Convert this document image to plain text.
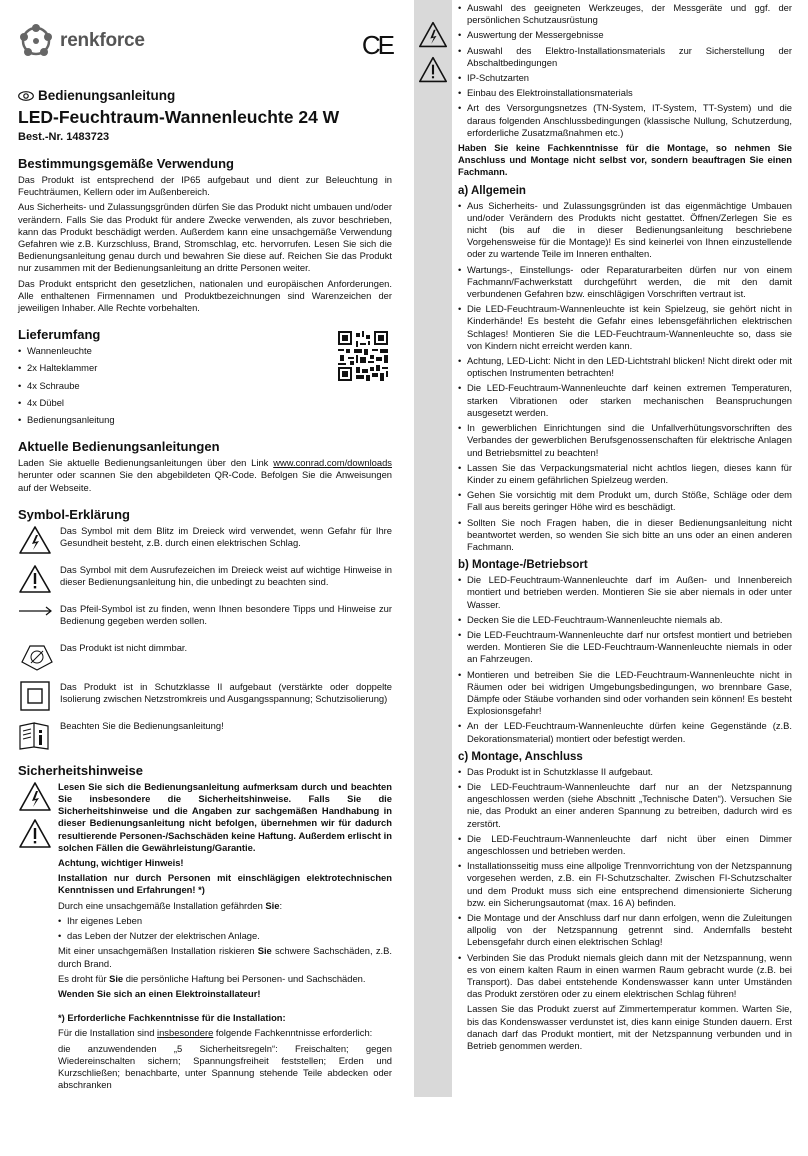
renkforce	CE
Bedienungsanleitung
LED-Feuchtraum-Wannenleuchte 24 W
Best.-Nr. 1483723
Bestimmungsgemäße Verwendung

Das Produkt ist entsprechend der IP65 aufgebaut und dient zur Beleuchtung in Feuchträumen, Kellern oder im Außenbereich.

Aus Sicherheits- und Zulassungsgründen dürfen Sie das Produkt nicht umbauen und/oder verändern. Falls Sie das Produkt für andere Zwecke verwenden, als zuvor beschrieben, kann das Produkt beschädigt werden. Außerdem kann eine unsachgemäße Verwendung Gefahren wie z.B. Kurzschluss, Brand, Stromschlag, etc. hervorrufen. Lesen Sie sich die Bedienungsanleitung genau durch und bewahren Sie diese auf. Reichen Sie das Produkt nur zusammen mit der Bedienungsanleitung an dritte Personen weiter.

Das Produkt entspricht den gesetzlichen, nationalen und europäischen Anforderungen. Alle enthaltenen Firmennamen und Produktbezeichnungen sind Warenzeichen der jeweiligen Inhaber. Alle Rechte vorbehalten.

Lieferumfang
• Wannenleuchte
• 2x Halteklammer
• 4x Schraube
• 4x Dübel
• Bedienungsanleitung
Aktuelle Bedienungsanleitungen

Laden Sie aktuelle Bedienungsanleitungen über den Link www.conrad.com/downloads herunter oder scannen Sie den abgebildeten QR-Code. Befolgen Sie die Anweisungen auf der Webseite.

Symbol-Erklärung

Das Symbol mit dem Blitz im Dreieck wird verwendet, wenn Gefahr für Ihre Gesundheit besteht, z.B. durch einen elektrischen Schlag.

Das Symbol mit dem Ausrufezeichen im Dreieck weist auf wichtige Hinweise in dieser Bedienungsanleitung hin, die unbedingt zu beachten sind.

Das Pfeil-Symbol ist zu finden, wenn Ihnen besondere Tipps und Hinweise zur Bedienung gegeben werden sollen.

Das Produkt ist nicht dimmbar.

Das Produkt ist in Schutzklasse II aufgebaut (verstärkte oder doppelte Isolierung zwischen Netzstromkreis und Ausgangsspannung; Schutzisolierung)

Beachten Sie die Bedienungsanleitung!

Sicherheitshinweise

Lesen Sie sich die Bedienungsanleitung aufmerksam durch und beachten Sie insbesondere die Sicherheitshinweise. Falls Sie die Sicherheitshinweise und die Angaben zur sachgemäßen Handhabung in dieser Bedienungsanleitung nicht befolgen, übernehmen wir für dadurch resultierende Personen-/Sachschäden keine Haftung. Außerdem erlischt in solchen Fällen die Gewährleistung/Garantie.

Achtung, wichtiger Hinweis!

Installation nur durch Personen mit einschlägigen elektrotechnischen Kenntnissen und Erfahrungen! *)

Durch eine unsachgemäße Installation gefährden Sie:

• Ihr eigenes Leben
• das Leben der Nutzer der elektrischen Anlage.

Mit einer unsachgemäßen Installation riskieren Sie schwere Sachschäden, z.B. durch Brand.

Es droht für Sie die persönliche Haftung bei Personen- und Sachschäden.

Wenden Sie sich an einen Elektroinstallateur!

*) Erforderliche Fachkenntnisse für die Installation:

Für die Installation sind insbesondere folgende Fachkenntnisse erforderlich:

die anzuwendenden „5 Sicherheitsregeln“: Freischalten; gegen Wiedereinschalten sichern; Spannungsfreiheit feststellen; Erden und Kurzschließen; benachbarte, unter Spannung stehende Teile abdecken oder abschranken

• Auswahl des geeigneten Werkzeuges, der Messgeräte und ggf. der persönlichen Schutzausrüstung
• Auswertung der Messergebnisse
• Auswahl des Elektro-Installationsmaterials zur Sicherstellung der Abschaltbedingungen
• IP-Schutzarten
• Einbau des Elektroinstallationsmaterials
• Art des Versorgungsnetzes (TN-System, IT-System, TT-System) und die daraus folgenden Anschlussbedingungen (klassische Nullung, Schutzerdung, erforderliche Zusatzmaßnahmen etc.)

Haben Sie keine Fachkenntnisse für die Montage, so nehmen Sie Anschluss und Montage nicht selbst vor, sondern beauftragen Sie einen Fachmann.

a) Allgemein
• Aus Sicherheits- und Zulassungsgründen ist das eigenmächtige Umbauen und/oder Verändern des Produkts nicht gestattet. Öffnen/Zerlegen Sie es nicht (bis auf die in dieser Bedienungsanleitung beschriebene Vorgehensweise für die Montage)! Es sind keinerlei von Ihnen einzustellende oder zu wartende Teile im Inneren enthalten.
• Wartungs-, Einstellungs- oder Reparaturarbeiten dürfen nur von einem Fachmann/Fachwerkstatt durchgeführt werden, die mit den damit verbundenen Gefahren bzw. einschlägigen Vorschriften vertraut ist.
• Die LED-Feuchtraum-Wannenleuchte ist kein Spielzeug, sie gehört nicht in Kinderhände! Es besteht die Gefahr eines lebensgefährlichen elektrischen Schlages! Montieren Sie die LED-Feuchtraum-Wannenleuchte so, dass sie von Kindern nicht erreicht werden kann.
• Achtung, LED-Licht: Nicht in den LED-Lichtstrahl blicken! Nicht direkt oder mit optischen Instrumenten betrachten!
• Die LED-Feuchtraum-Wannenleuchte darf keinen extremen Temperaturen, starken Vibrationen oder starken mechanischen Beanspruchungen ausgesetzt werden.
• In gewerblichen Einrichtungen sind die Unfallverhütungsvorschriften des Verbandes der gewerblichen Berufsgenossenschaften für elektrische Anlagen und Betriebsmittel zu beachten!
• Lassen Sie das Verpackungsmaterial nicht achtlos liegen, dieses kann für Kinder zu einem gefährlichen Spielzeug werden.
• Gehen Sie vorsichtig mit dem Produkt um, durch Stöße, Schläge oder dem Fall aus bereits geringer Höhe wird es beschädigt.
• Sollten Sie noch Fragen haben, die in dieser Bedienungsanleitung nicht beantwortet werden, so wenden Sie sich bitte an uns oder an einen anderen Fachmann.
b) Montage-/Betriebsort
• Die LED-Feuchtraum-Wannenleuchte darf im Außen- und Innenbereich montiert und betrieben werden. Montieren Sie sie aber niemals in oder unter Wasser.
• Decken Sie die LED-Feuchtraum-Wannenleuchte niemals ab.
• Die LED-Feuchtraum-Wannenleuchte darf nur ortsfest montiert und betrieben werden. Montieren Sie die LED-Feuchtraum-Wannenleuchte niemals in oder an Fahrzeugen.
• Montieren und betreiben Sie die LED-Feuchtraum-Wannenleuchte nicht in Räumen oder bei widrigen Umgebungsbedingungen, wo brennbare Gase, Dämpfe oder Stäube vorhanden sind oder vorhanden sein können! Es besteht Explosionsgefahr!
• An der LED-Feuchtraum-Wannenleuchte dürfen keine Gegenstände (z.B. Dekorationsmaterial) montiert oder befestigt werden.
c) Montage, Anschluss
• Das Produkt ist in Schutzklasse II aufgebaut.
• Die LED-Feuchtraum-Wannenleuchte darf nur an der Netzspannung angeschlossen werden (siehe Abschnitt „Technische Daten“). Versuchen Sie nie, das Produkt an einer anderen Spannung zu betreiben, dadurch wird es zerstört.
• Die LED-Feuchtraum-Wannenleuchte darf nicht über einen Dimmer angeschlossen und betrieben werden.
• Installationsseitig muss eine allpolige Trennvorrichtung von der Netzspannung vorgesehen werden, z.B. ein FI-Schutzschalter. Zwischen FI-Schutzschalter und dem Produkt muss sich eine entsprechend dimensionierte Sicherung bzw. ein Sicherungsautomat (max. 16 A) befinden.
• Die Montage und der Anschluss darf nur dann erfolgen, wenn die Zuleitungen allpolig von der Netzspannung getrennt sind. Andernfalls besteht Lebensgefahr durch einen elektrischen Schlag!
• Verbinden Sie das Produkt niemals gleich dann mit der Netzspannung, wenn es von einem kalten Raum in einen warmen Raum gebracht wurde (z.B. bei Transport). Das dabei entstehende Kondenswasser kann unter Umständen das Produkt zerstören oder zu einem elektrischen Schlag führen!

Lassen Sie das Produkt zuerst auf Zimmertemperatur kommen. Warten Sie, bis das Kondenswasser verdunstet ist, dies kann einige Stunden dauern. Erst danach darf das Produkt montiert, mit der Netzspannung verbunden und in Betrieb genommen werden.
